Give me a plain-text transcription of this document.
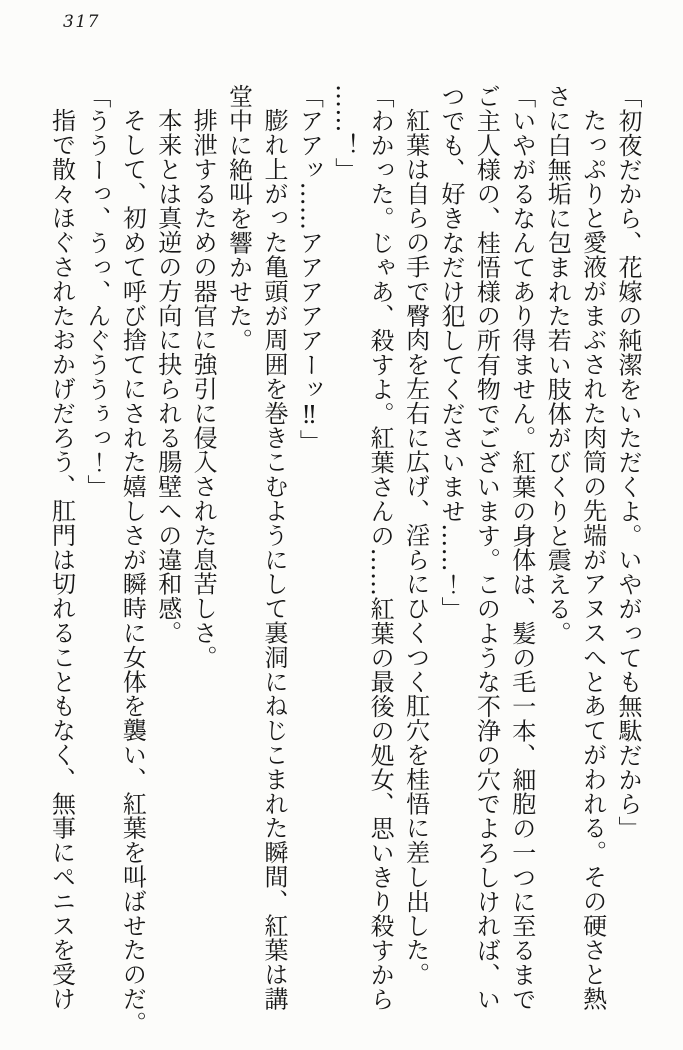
317

「初夜だから、花嫁の純潔をいただくよ。いやがっても無駄だから」

たっぷりと愛液がまぶされた肉筒の先端がアヌスへとあてがわれる。その硬さと熱

さに白無垢に包まれた若い肢体がびくりと震える。

「いやがるなんてあり得ません。紅葉の身体は、髪の毛一本、細胞の一つに至るまで

ご主人様の、桂悟様の所有物でございます。このような不浄の穴でよろしければ、い

つでも、好きなだけ犯してくださいませ……！」

紅葉は自らの手で臀肉を左右に広げ、淫らにひくつく肛穴を桂悟に差し出した。

「わかった。じゃあ、殺すよ。紅葉さんの……紅葉の最後の処女、思いきり殺すから

……！」

「アアッ……アアアアアーッ‼」

膨れ上がった亀頭が周囲を巻きこむようにして裏洞にねじこまれた瞬間、紅葉は講

堂中に絶叫を響かせた。

排泄するための器官に強引に侵入された息苦しさ。

本来とは真逆の方向に抉られる腸壁への違和感。

そして、初めて呼び捨てにされた嬉しさが瞬時に女体を襲い、紅葉を叫ばせたのだ。

「ううーっ、うっ、んぐううぅっ！」

指で散々ほぐされたおかげだろう、肛門は切れることもなく、無事にペニスを受け
